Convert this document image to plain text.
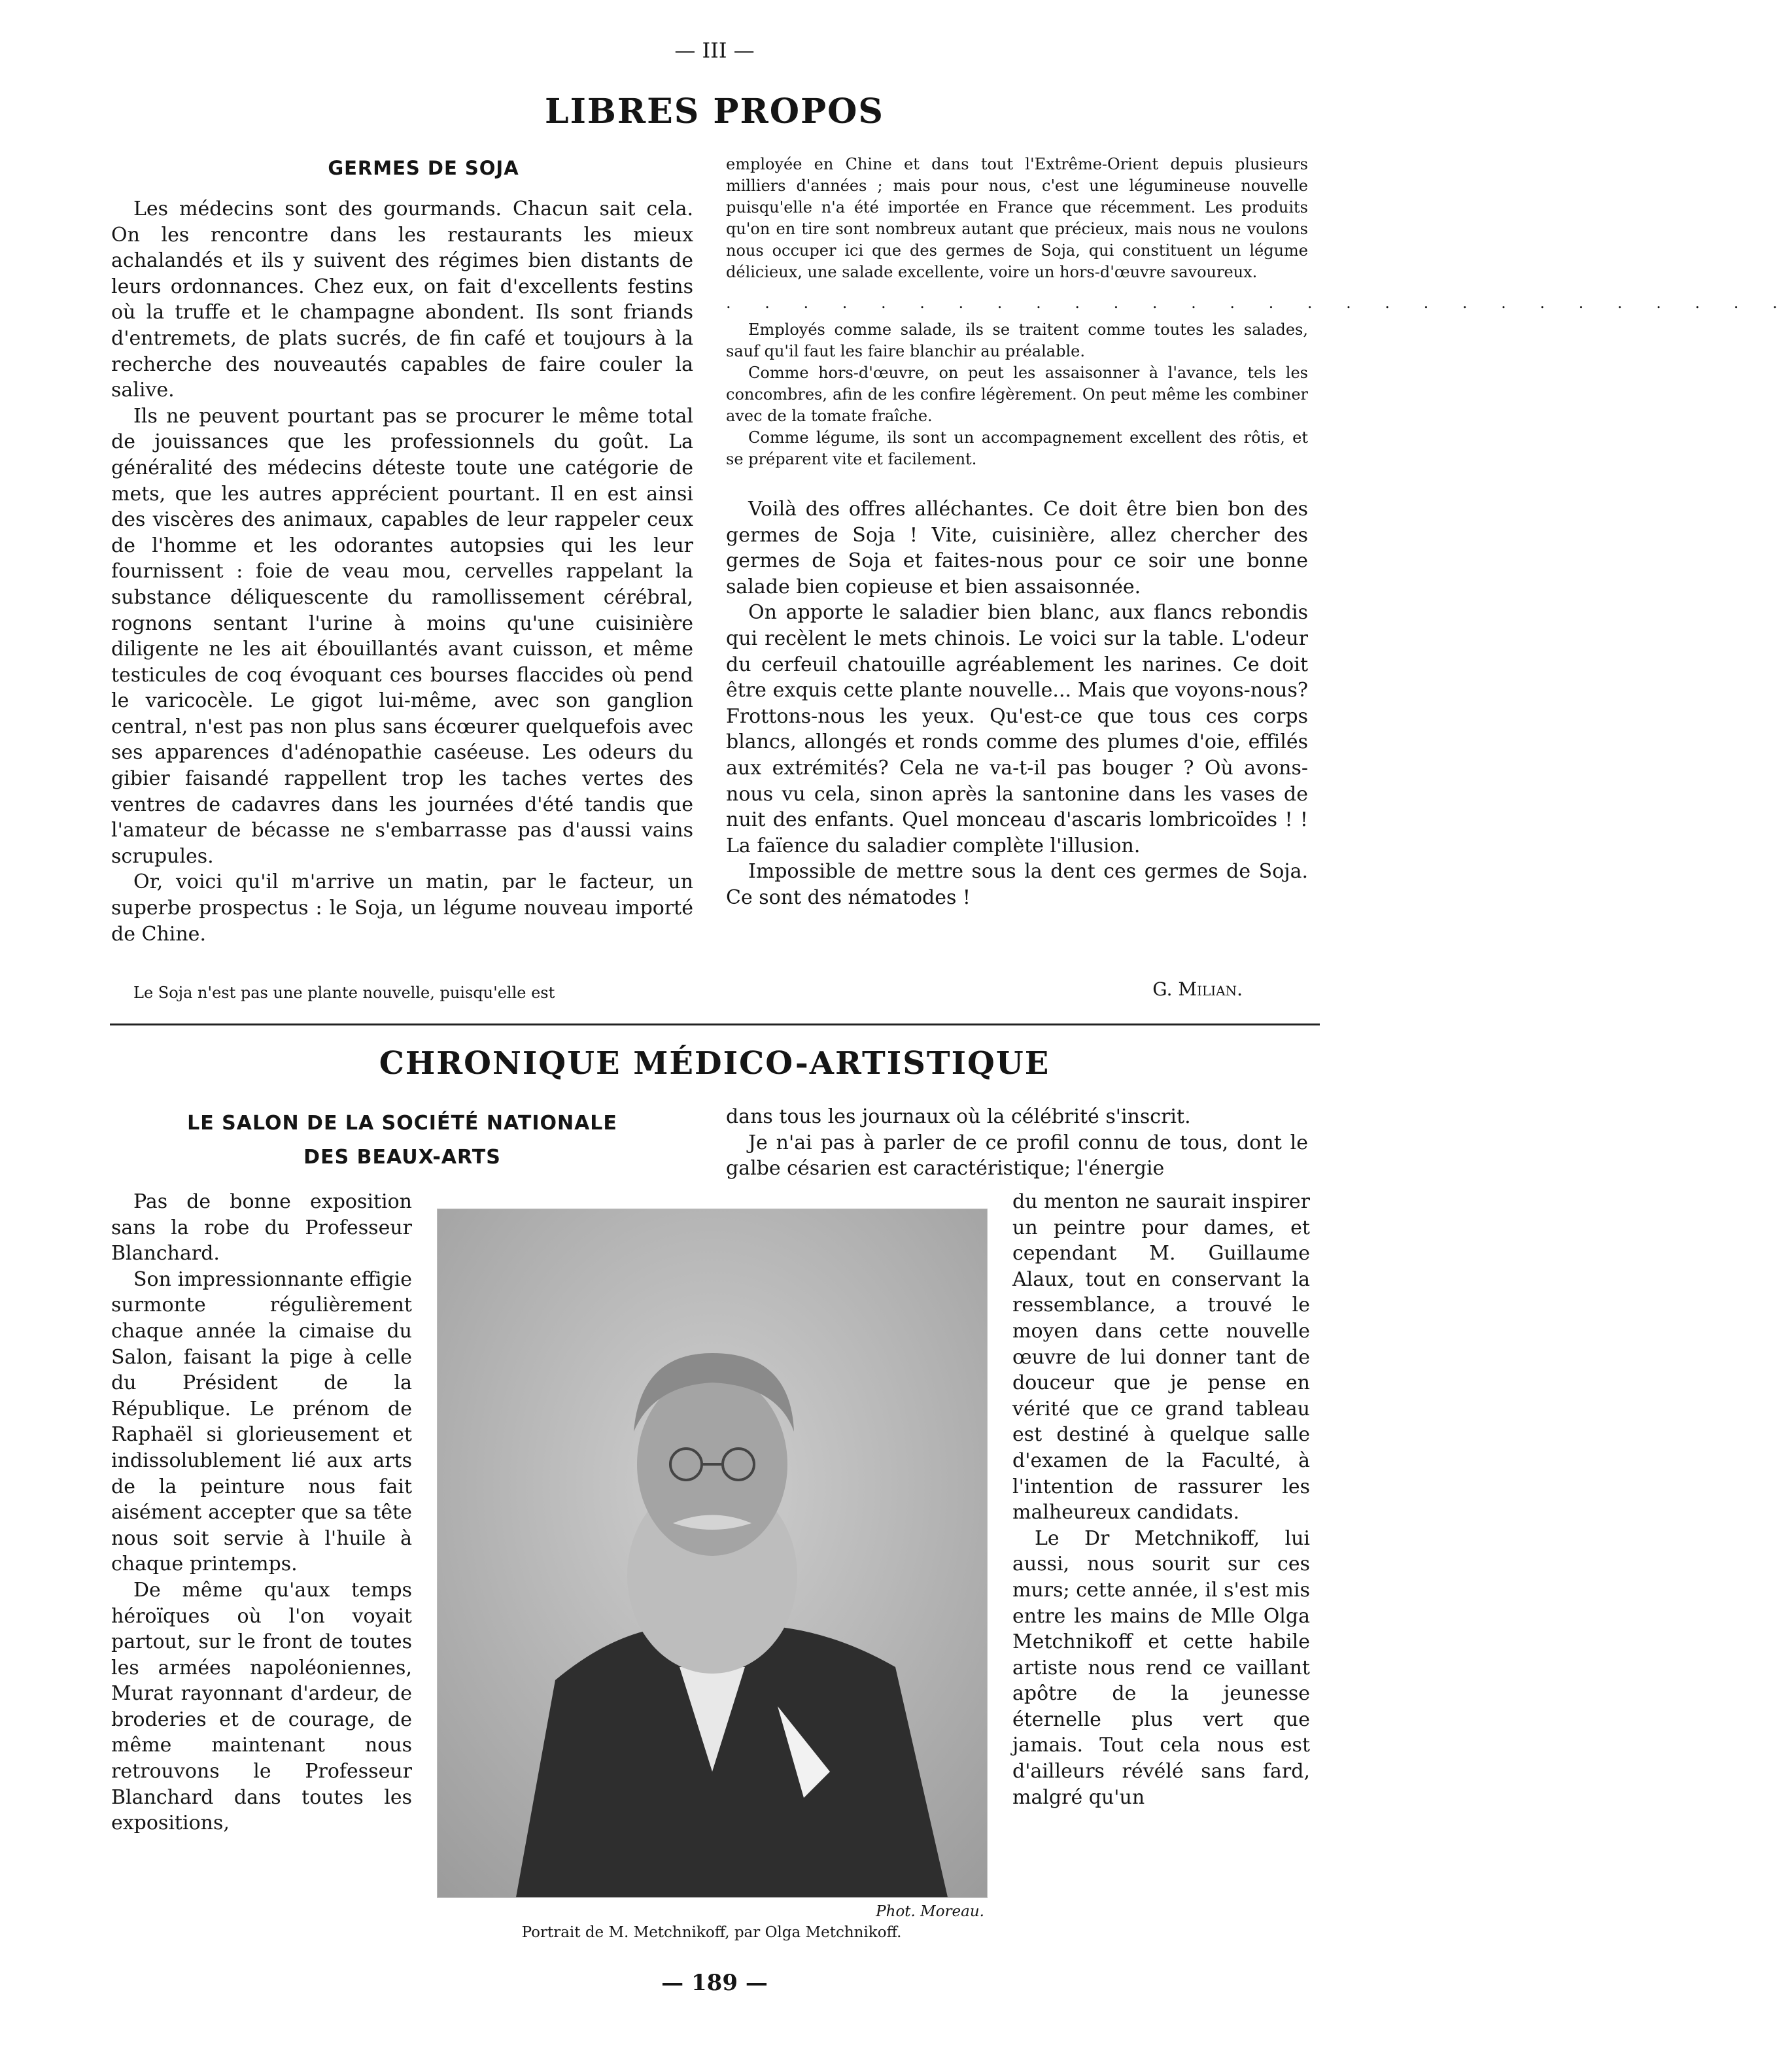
— III —
LIBRES PROPOS
GERMES DE SOJA

Les médecins sont des gourmands. Chacun sait cela. On les rencontre dans les restaurants les mieux achalandés et ils y suivent des régimes bien distants de leurs ordonnances. Chez eux, on fait d'excellents festins où la truffe et le champagne abondent. Ils sont friands d'entremets, de plats sucrés, de fin café et toujours à la recherche des nouveautés capables de faire couler la salive.

Ils ne peuvent pourtant pas se procurer le même total de jouissances que les professionnels du goût. La généralité des médecins déteste toute une catégorie de mets, que les autres apprécient pourtant. Il en est ainsi des viscères des animaux, capables de leur rappeler ceux de l'homme et les odorantes autopsies qui les leur fournissent : foie de veau mou, cervelles rappelant la substance déliquescente du ramollissement cérébral, rognons sentant l'urine à moins qu'une cuisinière diligente ne les ait ébouillantés avant cuisson, et même testicules de coq évoquant ces bourses flaccides où pend le varicocèle. Le gigot lui-même, avec son ganglion central, n'est pas non plus sans écœurer quelquefois avec ses apparences d'adénopathie caséeuse. Les odeurs du gibier faisandé rappellent trop les taches vertes des ventres de cadavres dans les journées d'été tandis que l'amateur de bécasse ne s'embarrasse pas d'aussi vains scrupules.

Or, voici qu'il m'arrive un matin, par le facteur, un superbe prospectus : le Soja, un légume nouveau importé de Chine.

Le Soja n'est pas une plante nouvelle, puisqu'elle est

employée en Chine et dans tout l'Extrême-Orient depuis plusieurs milliers d'années ; mais pour nous, c'est une légumineuse nouvelle puisqu'elle n'a été importée en France que récemment. Les produits qu'on en tire sont nombreux autant que précieux, mais nous ne voulons nous occuper ici que des germes de Soja, qui constituent un légume délicieux, une salade excellente, voire un hors-d'œuvre savoureux.

. . . . . . . . . . . . . . . . . . . . . . . . . . . .

Employés comme salade, ils se traitent comme toutes les salades, sauf qu'il faut les faire blanchir au préalable.

Comme hors-d'œuvre, on peut les assaisonner à l'avance, tels les concombres, afin de les confire légèrement. On peut même les combiner avec de la tomate fraîche.

Comme légume, ils sont un accompagnement excellent des rôtis, et se préparent vite et facilement.

Voilà des offres alléchantes. Ce doit être bien bon des germes de Soja ! Vite, cuisinière, allez chercher des germes de Soja et faites-nous pour ce soir une bonne salade bien copieuse et bien assaisonnée.

On apporte le saladier bien blanc, aux flancs rebondis qui recèlent le mets chinois. Le voici sur la table. L'odeur du cerfeuil chatouille agréablement les narines. Ce doit être exquis cette plante nouvelle... Mais que voyons-nous? Frottons-nous les yeux. Qu'est-ce que tous ces corps blancs, allongés et ronds comme des plumes d'oie, effilés aux extrémités? Cela ne va-t-il pas bouger ? Où avons-nous vu cela, sinon après la santonine dans les vases de nuit des enfants. Quel monceau d'ascaris lombricoïdes ! ! La faïence du saladier complète l'illusion.

Impossible de mettre sous la dent ces germes de Soja. Ce sont des nématodes !

G. Milian.
CHRONIQUE MÉDICO-ARTISTIQUE
LE SALON DE LA SOCIÉTÉ NATIONALE
DES BEAUX-ARTS

Pas de bonne exposition sans la robe du Professeur Blanchard.

Son impressionnante effigie surmonte régulièrement chaque année la cimaise du Salon, faisant la pige à celle du Président de la République. Le prénom de Raphaël si glorieusement et indissolublement lié aux arts de la peinture nous fait aisément accepter que sa tête nous soit servie à l'huile à chaque printemps.

De même qu'aux temps héroïques où l'on voyait partout, sur le front de toutes les armées napoléoniennes, Murat rayonnant d'ardeur, de broderies et de courage, de même maintenant nous retrouvons le Professeur Blanchard dans toutes les expositions,

dans tous les journaux où la célébrité s'inscrit.

Je n'ai pas à parler de ce profil connu de tous, dont le galbe césarien est caractéristique; l'énergie

du menton ne saurait inspirer un peintre pour dames, et cependant M. Guillaume Alaux, tout en conservant la ressemblance, a trouvé le moyen dans cette nouvelle œuvre de lui donner tant de douceur que je pense en vérité que ce grand tableau est destiné à quelque salle d'examen de la Faculté, à l'intention de rassurer les malheureux candidats.

Le Dr Metchnikoff, lui aussi, nous sourit sur ces murs; cette année, il s'est mis entre les mains de Mlle Olga Metchnikoff et cette habile artiste nous rend ce vaillant apôtre de la jeunesse éternelle plus vert que jamais. Tout cela nous est d'ailleurs révélé sans fard, malgré qu'un

Phot. Moreau.
Portrait de M. Metchnikoff, par Olga Metchnikoff.
— 189 —
